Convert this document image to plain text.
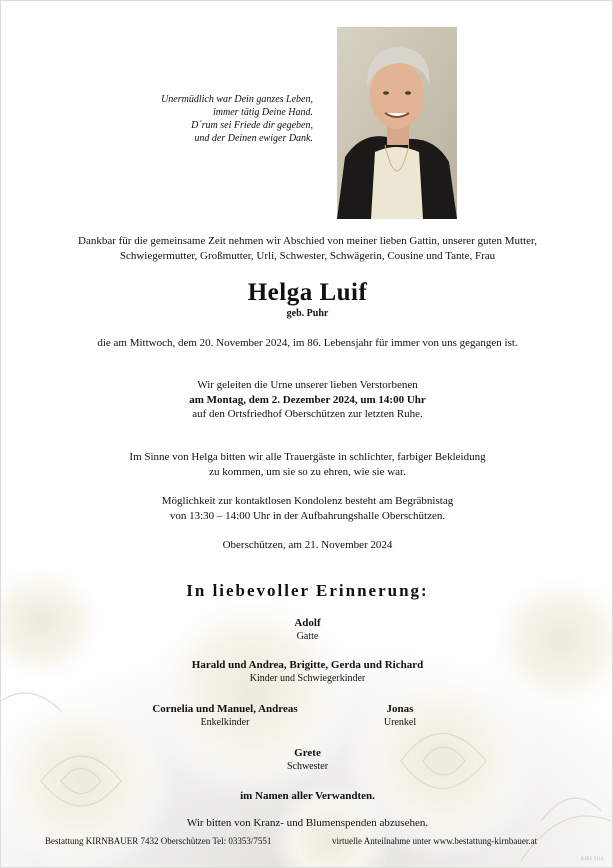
Unermüdlich war Dein ganzes Leben,
immer tätig Deine Hand.
D´rum sei Friede dir gegeben,
und der Deinen ewiger Dank.
Dankbar für die gemeinsame Zeit nehmen wir Abschied von meiner lieben Gattin, unserer guten Mutter,
Schwiegermutter, Großmutter, Urli, Schwester, Schwägerin, Cousine und Tante, Frau
Helga Luif
geb. Puhr
die am Mittwoch, dem 20. November 2024, im 86. Lebensjahr für immer von uns gegangen ist.
Wir geleiten die Urne unserer lieben Verstorbenen
am Montag, dem 2. Dezember 2024, um 14:00 Uhr
auf den Ortsfriedhof Oberschützen zur letzten Ruhe.
Im Sinne von Helga bitten wir alle Trauergäste in schlichter, farbiger Bekleidung
zu kommen, um sie so zu ehren, wie sie war.
Möglichkeit zur kontaktlosen Kondolenz besteht am Begräbnistag
von 13:30 – 14:00 Uhr in der Aufbahrungshalle Oberschützen.
Oberschützen, am 21. November 2024
In liebevoller Erinnerung:
Adolf
Gatte
Harald und Andrea, Brigitte, Gerda und Richard
Kinder und Schwiegerkinder
Cornelia und Manuel, Andreas
Enkelkinder
Jonas
Urenkel
Grete
Schwester
im Namen aller Verwandten.
Wir bitten von Kranz- und Blumenspenden abzusehen.
Bestattung KIRNBAUER 7432 Oberschützen Tel: 03353/7551	virtuelle Anteilnahme unter www.bestattung-kirnbauer.at
KIRF 0113
